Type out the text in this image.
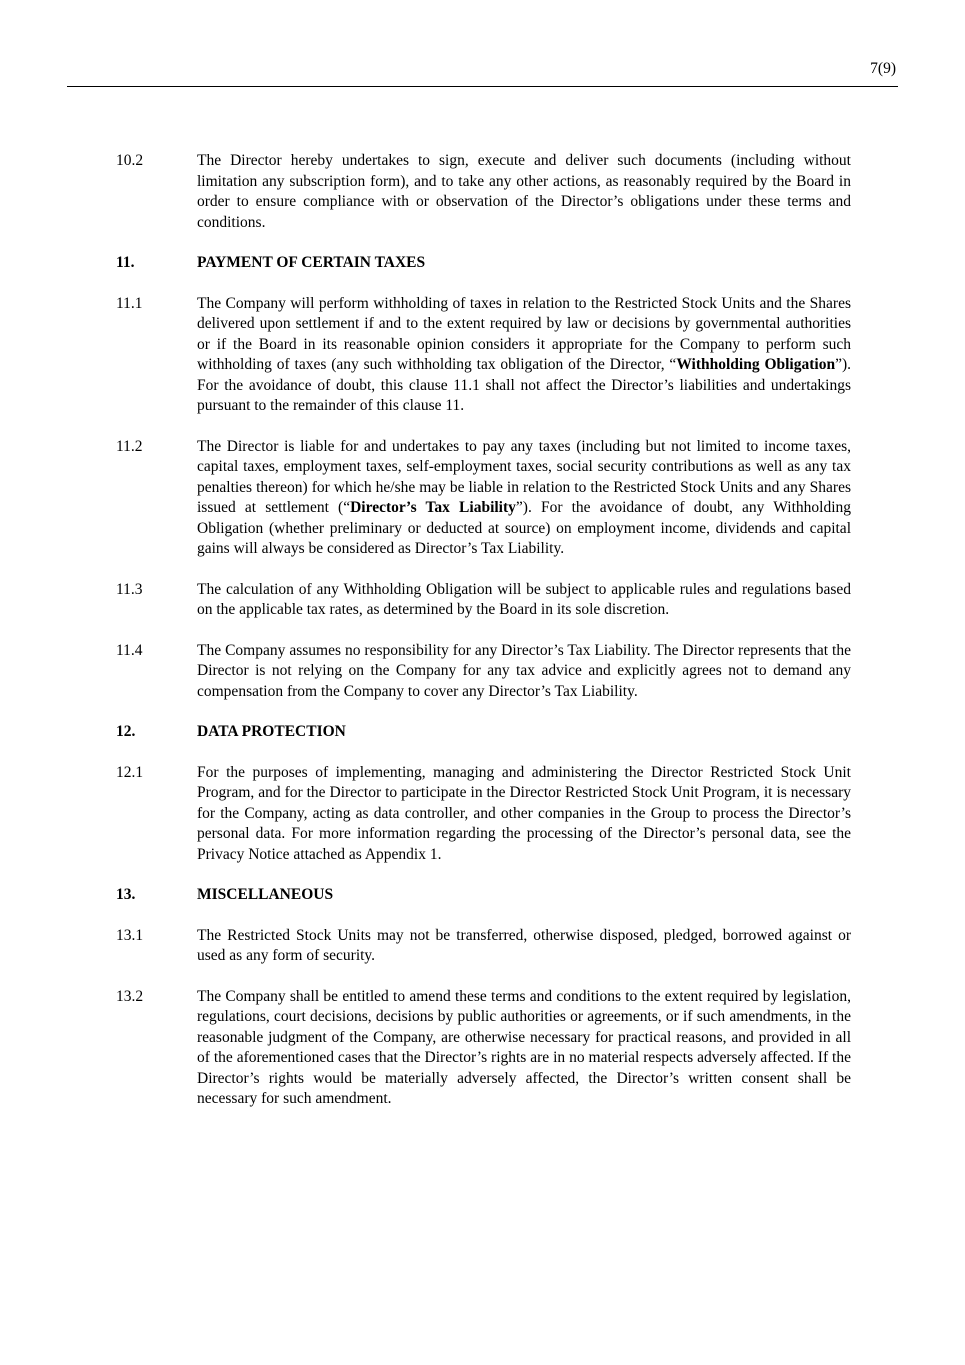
7(9)
10.2	The Director hereby undertakes to sign, execute and deliver such documents (including without limitation any subscription form), and to take any other actions, as reasonably required by the Board in order to ensure compliance with or observation of the Director’s obligations under these terms and conditions.
11.	PAYMENT OF CERTAIN TAXES
11.1	The Company will perform withholding of taxes in relation to the Restricted Stock Units and the Shares delivered upon settlement if and to the extent required by law or decisions by governmental authorities or if the Board in its reasonable opinion considers it appropriate for the Company to perform such withholding of taxes (any such withholding tax obligation of the Director, “Withholding Obligation”). For the avoidance of doubt, this clause 11.1 shall not affect the Director’s liabilities and undertakings pursuant to the remainder of this clause 11.
11.2	The Director is liable for and undertakes to pay any taxes (including but not limited to income taxes, capital taxes, employment taxes, self-employment taxes, social security contributions as well as any tax penalties thereon) for which he/she may be liable in relation to the Restricted Stock Units and any Shares issued at settlement (“Director’s Tax Liability”). For the avoidance of doubt, any Withholding Obligation (whether preliminary or deducted at source) on employment income, dividends and capital gains will always be considered as Director’s Tax Liability.
11.3	The calculation of any Withholding Obligation will be subject to applicable rules and regulations based on the applicable tax rates, as determined by the Board in its sole discretion.
11.4	The Company assumes no responsibility for any Director’s Tax Liability. The Director represents that the Director is not relying on the Company for any tax advice and explicitly agrees not to demand any compensation from the Company to cover any Director’s Tax Liability.
12.	DATA PROTECTION
12.1	For the purposes of implementing, managing and administering the Director Restricted Stock Unit Program, and for the Director to participate in the Director Restricted Stock Unit Program, it is necessary for the Company, acting as data controller, and other companies in the Group to process the Director’s personal data. For more information regarding the processing of the Director’s personal data, see the Privacy Notice attached as Appendix 1.
13.	MISCELLANEOUS
13.1	The Restricted Stock Units may not be transferred, otherwise disposed, pledged, borrowed against or used as any form of security.
13.2	The Company shall be entitled to amend these terms and conditions to the extent required by legislation, regulations, court decisions, decisions by public authorities or agreements, or if such amendments, in the reasonable judgment of the Company, are otherwise necessary for practical reasons, and provided in all of the aforementioned cases that the Director’s rights are in no material respects adversely affected. If the Director’s rights would be materially adversely affected, the Director’s written consent shall be necessary for such amendment.
